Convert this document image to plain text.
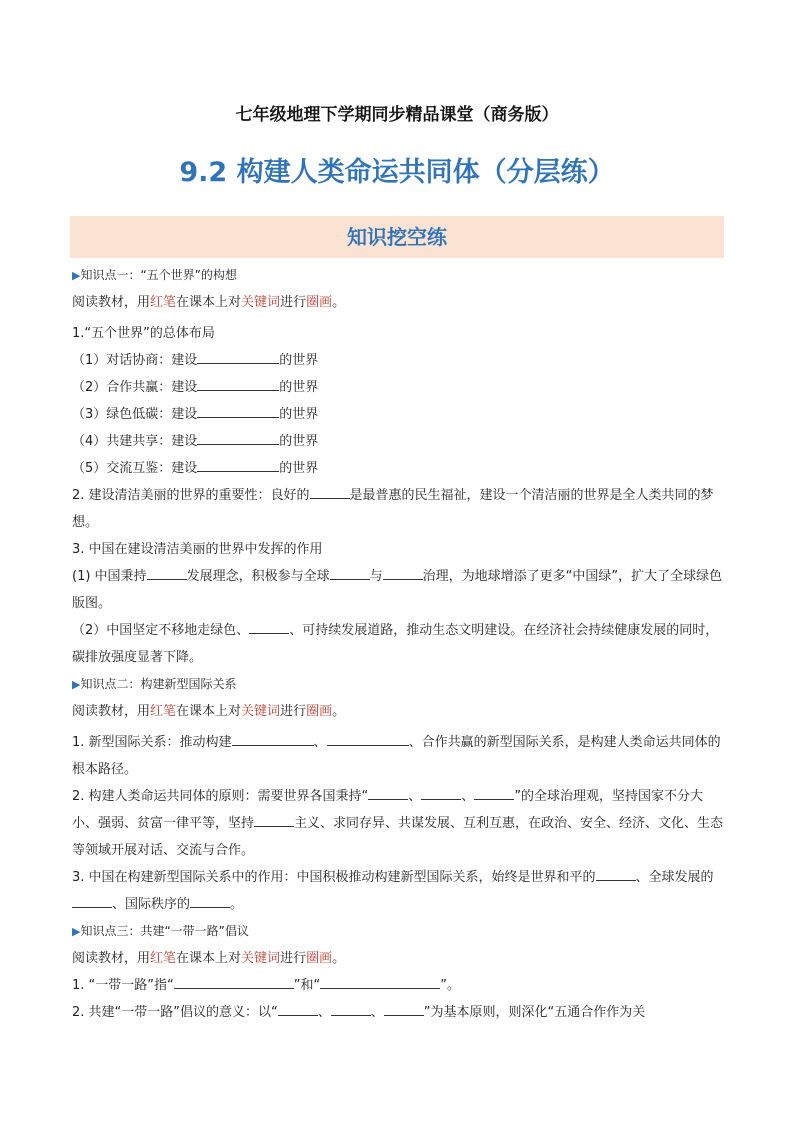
七年级地理下学期同步精品课堂（商务版）
9.2 构建人类命运共同体（分层练）
知识挖空练
▶知识点一：“五个世界”的构想
阅读教材，用红笔在课本上对关键词进行圈画。
1.“五个世界”的总体布局
（1）对话协商：建设	的世界
（2）合作共赢：建设	的世界
（3）绿色低碳：建设	的世界
（4）共建共享：建设	的世界
（5）交流互鉴：建设	的世界
2. 建设清洁美丽的世界的重要性：良好的	是最普惠的民生福祉，建设一个清洁丽的世界是全人类共同的梦想。
3. 中国在建设清洁美丽的世界中发挥的作用
(1) 中国秉持	发展理念，积极参与全球	与	治理，为地球增添了更多“中国绿”，扩大了全球绿色版图。
（2）中国坚定不移地走绿色、	、可持续发展道路，推动生态文明建设。在经济社会持续健康发展的同时，碳排放强度显著下降。
▶知识点二：构建新型国际关系
阅读教材，用红笔在课本上对关键词进行圈画。
1. 新型国际关系：推动构建	、	、合作共赢的新型国际关系，是构建人类命运共同体的根本路径。
2. 构建人类命运共同体的原则：需要世界各国秉持“	、	、	”的全球治理观，坚持国家不分大小、强弱、贫富一律平等，坚持	主义、求同存异、共谋发展、互利互惠，在政治、安全、经济、文化、生态等领域开展对话、交流与合作。
3. 中国在构建新型国际关系中的作用：中国积极推动构建新型国际关系，始终是世界和平的	、全球发展的、国际秩序的	。
▶知识点三：共建“一带一路”倡议
阅读教材，用红笔在课本上对关键词进行圈画。
1. “一带一路”指“	”和“	”。
2. 共建“一带一路”倡议的意义：以“	、	、	”为基本原则，则深化“五通合作作为关
